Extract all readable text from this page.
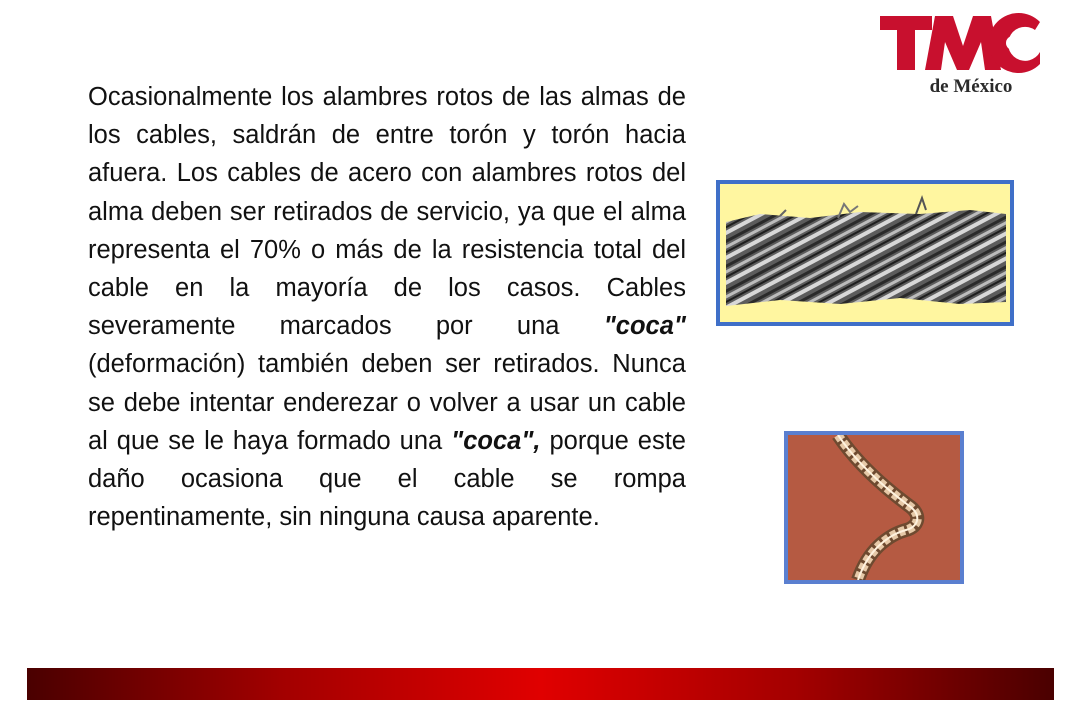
de México

Ocasionalmente los alambres rotos de las almas de los cables, saldrán de entre torón y torón hacia afuera. Los cables de acero con alambres rotos del alma deben ser retirados de servicio, ya que el alma representa el 70% o más de la resistencia total del cable en la mayoría de los casos. Cables severamente marcados por una "coca" (deformación) también deben ser retirados. Nunca se debe intentar enderezar o volver a usar un cable al que se le haya formado una "coca", porque este daño ocasiona que el cable se rompa repentinamente, sin ninguna causa aparente.
